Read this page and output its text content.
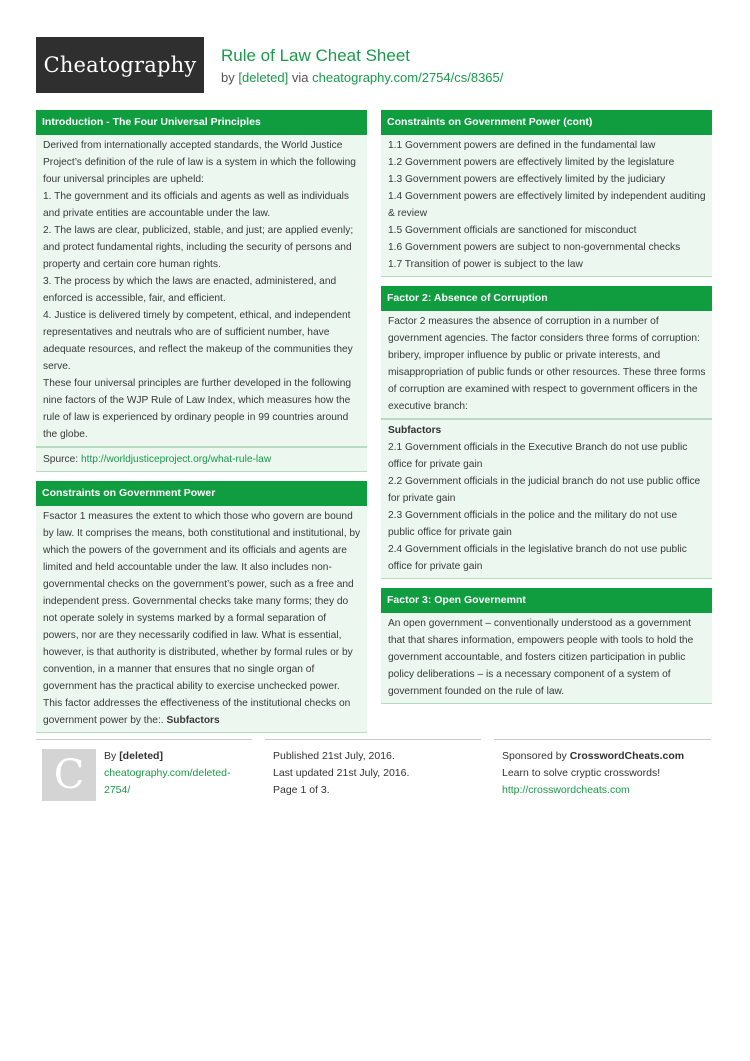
Cheatography Rule of Law Cheat Sheet
by [deleted] via cheatography.com/2754/cs/8365/
Introduction - The Four Universal Principles

Derived from internationally accepted standards, the World Justice Project’s definition of the rule of law is a system in which the following four universal principles are upheld:

1. The government and its officials and agents as well as individuals and private entities are accountable under the law.

2. The laws are clear, publicized, stable, and just; are applied evenly; and protect fundamental rights, including the security of persons and property and certain core human rights.

3. The process by which the laws are enacted, administered, and enforced is accessible, fair, and efficient.

4. Justice is delivered timely by competent, ethical, and independent representatives and neutrals who are of sufficient number, have adequate resources, and reflect the makeup of the communities they serve.

These four universal principles are further developed in the following nine factors of the WJP Rule of Law Index, which measures how the rule of law is experienced by ordinary people in 99 countries around the globe.

Spurce: http://worldjusticeproject.org/what-rule-law
Constraints on Government Power

Fsactor 1 measures the extent to which those who govern are bound by law. It comprises the means, both constitutional and institutional, by which the powers of the government and its officials and agents are limited and held accountable under the law. It also includes non-governmental checks on the government’s power, such as a free and independent press. Governmental checks take many forms; they do not operate solely in systems marked by a formal separation of powers, nor are they necessarily codified in law. What is essential, however, is that authority is distributed, whether by formal rules or by convention, in a manner that ensures that no single organ of government has the practical ability to exercise unchecked power. This factor addresses the effectiveness of the institutional checks on government power by the:. Subfactors

Constraints on Government Power (cont)

1.1 Government powers are defined in the fundamental law

1.2 Government powers are effectively limited by the legislature

1.3 Government powers are effectively limited by the judiciary

1.4 Government powers are effectively limited by independent auditing & review

1.5 Government officials are sanctioned for misconduct

1.6 Government powers are subject to non-governmental checks

1.7 Transition of power is subject to the law

Factor 2: Absence of Corruption

Factor 2 measures the absence of corruption in a number of government agencies. The factor considers three forms of corruption: bribery, improper influence by public or private interests, and misappropriation of public funds or other resources. These three forms of corruption are examined with respect to government officers in the executive branch:

Subfactors

2.1 Government officials in the Executive Branch do not use public office for private gain

2.2 Government officials in the judicial branch do not use public office for private gain

2.3 Government officials in the police and the military do not use public office for private gain

2.4 Government officials in the legislative branch do not use public office for private gain

Factor 3: Open Governemnt

An open government – conventionally understood as a government that that shares information, empowers people with tools to hold the government accountable, and fosters citizen participation in public policy deliberations – is a necessary component of a system of government founded on the rule of law.

C By [deleted]
cheatography.com/deleted-2754/
Published 21st July, 2016.
Last updated 21st July, 2016.
Page 1 of 3.
Sponsored by CrosswordCheats.com
Learn to solve cryptic crosswords!
http://crosswordcheats.com
